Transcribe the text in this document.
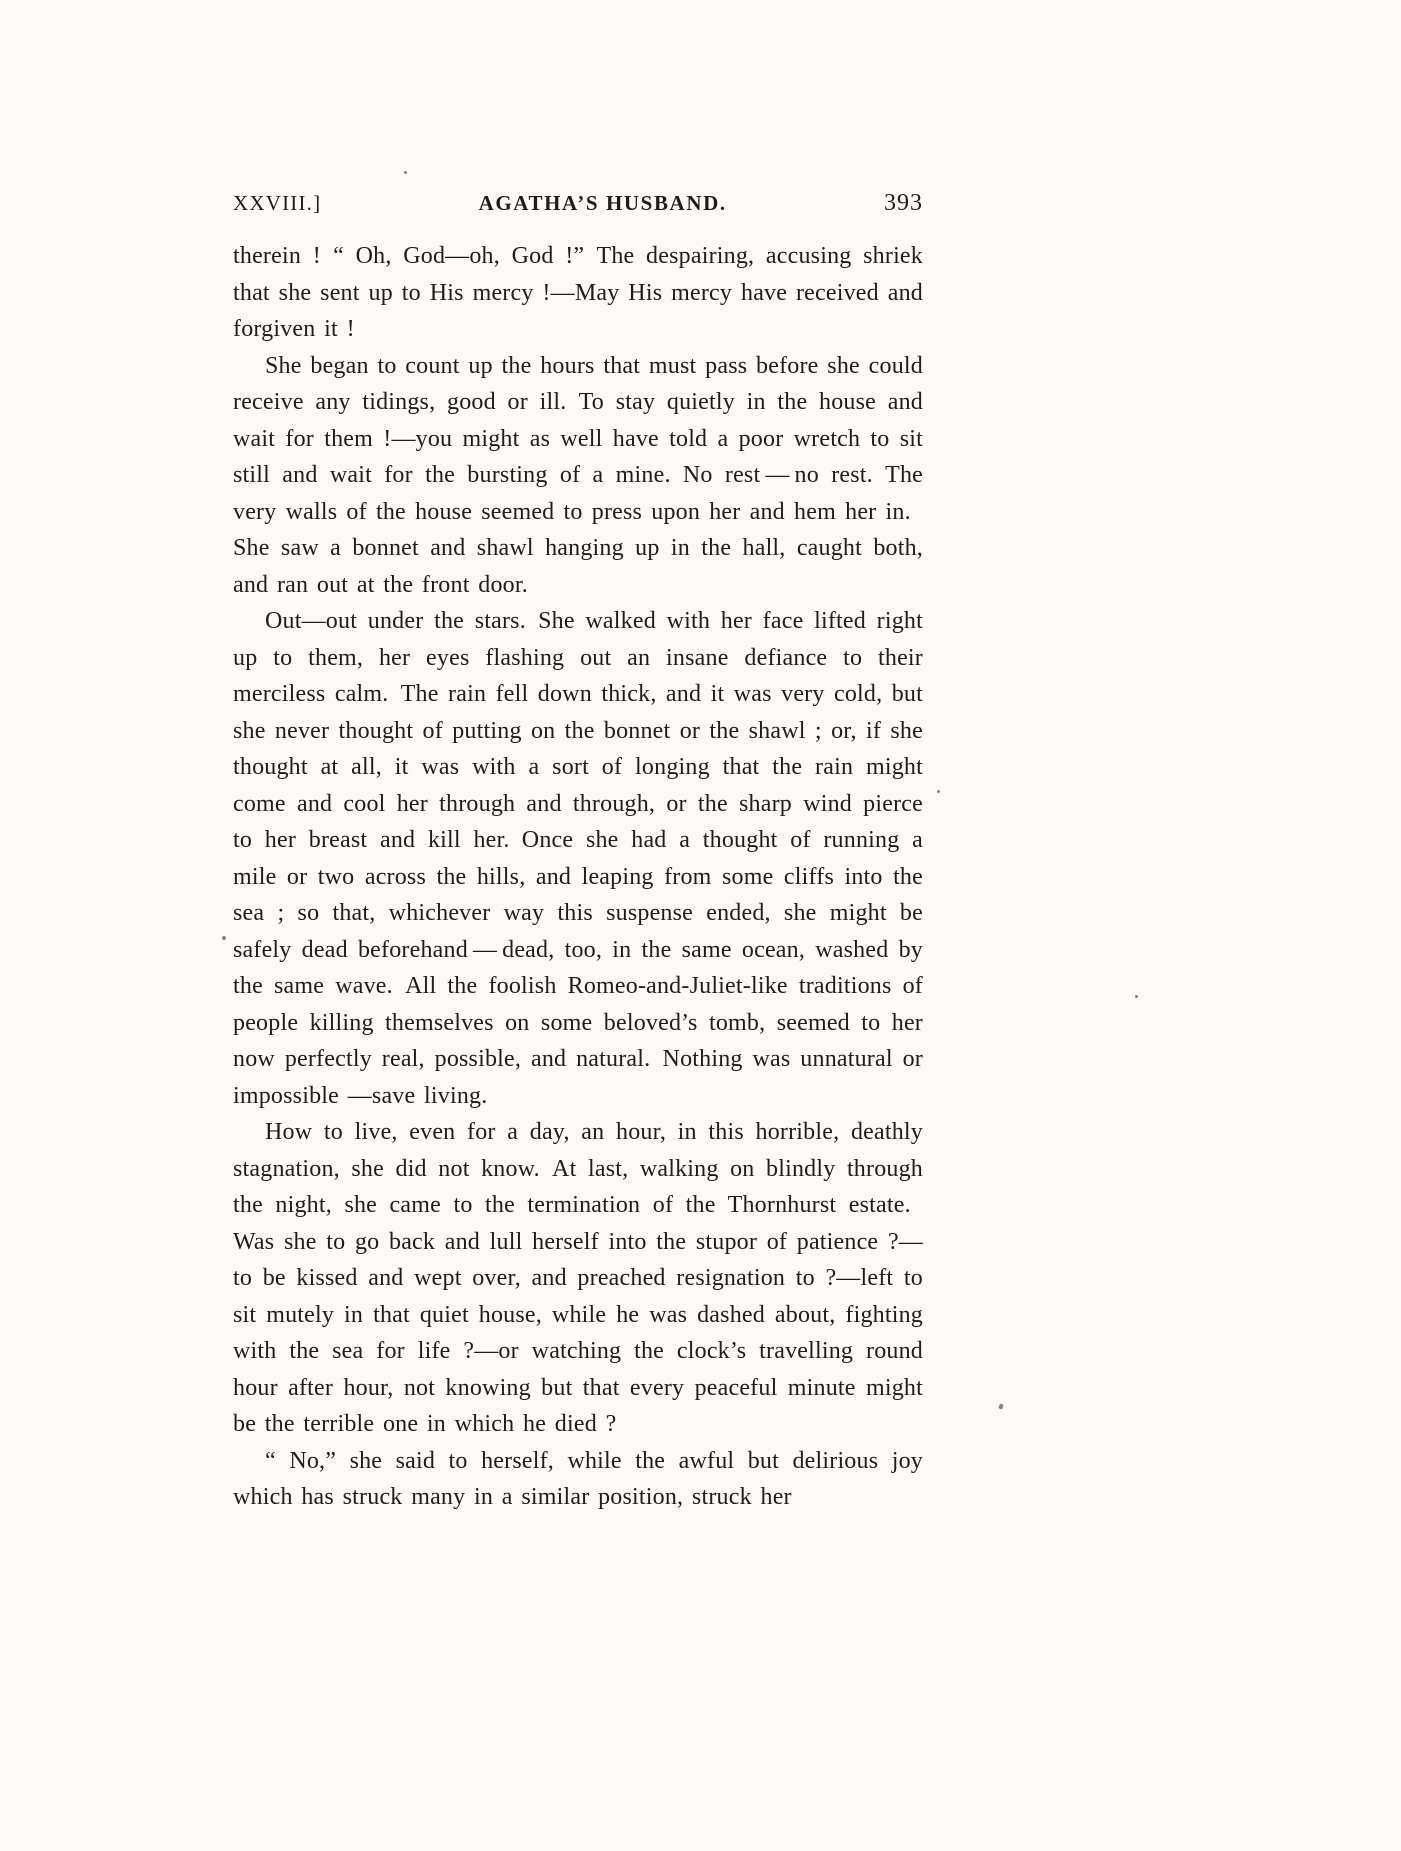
XXVIII.]	AGATHA’S HUSBAND.	393

therein ! “ Oh, God—oh, God !” The despairing, accusing shriek that she sent up to His mercy !—May His mercy have received and forgiven it !

She began to count up the hours that must pass before she could receive any tidings, good or ill. To stay quietly in the house and wait for them !—you might as well have told a poor wretch to sit still and wait for the bursting of a mine. No rest — no rest. The very walls of the house seemed to press upon her and hem her in. She saw a bonnet and shawl hanging up in the hall, caught both, and ran out at the front door.

Out—out under the stars. She walked with her face lifted right up to them, her eyes flashing out an insane defiance to their merciless calm. The rain fell down thick, and it was very cold, but she never thought of putting on the bonnet or the shawl ; or, if she thought at all, it was with a sort of longing that the rain might come and cool her through and through, or the sharp wind pierce to her breast and kill her. Once she had a thought of running a mile or two across the hills, and leaping from some cliffs into the sea ; so that, whichever way this suspense ended, she might be safely dead beforehand — dead, too, in the same ocean, washed by the same wave. All the foolish Romeo-and-Juliet-like traditions of people killing themselves on some beloved’s tomb, seemed to her now perfectly real, possible, and natural. Nothing was unnatural or impossible —save living.

How to live, even for a day, an hour, in this horrible, deathly stagnation, she did not know. At last, walking on blindly through the night, she came to the termination of the Thornhurst estate. Was she to go back and lull herself into the stupor of patience ?—to be kissed and wept over, and preached resignation to ?—left to sit mutely in that quiet house, while he was dashed about, fighting with the sea for life ?—or watching the clock’s travelling round hour after hour, not knowing but that every peaceful minute might be the terrible one in which he died ?

“ No,” she said to herself, while the awful but delirious joy which has struck many in a similar position, struck her
